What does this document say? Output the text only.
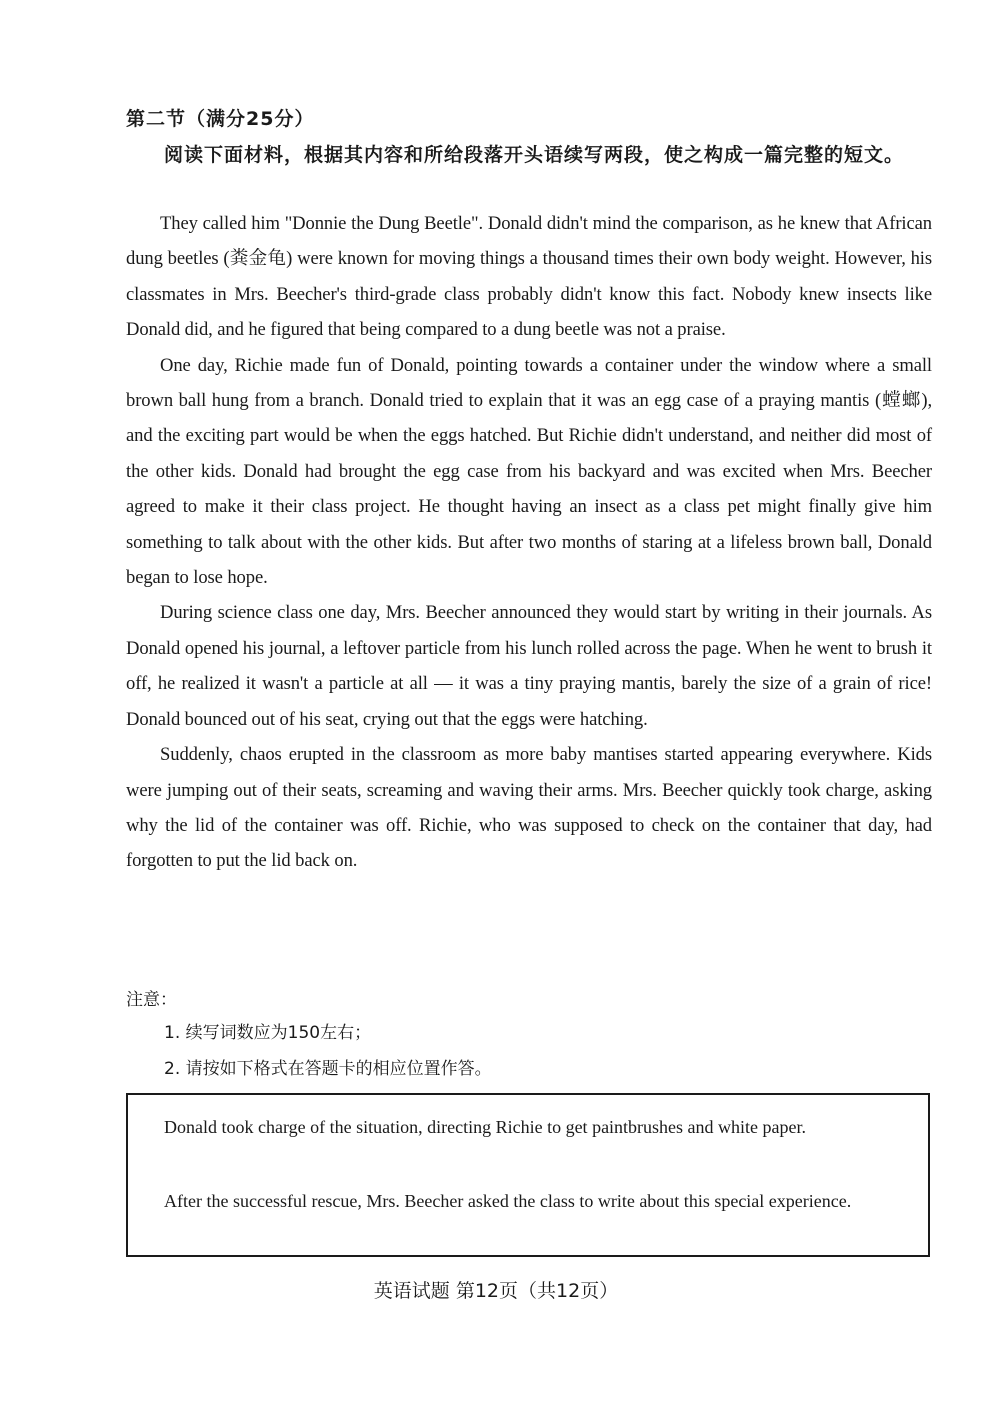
第二节（满分25分）
阅读下面材料，根据其内容和所给段落开头语续写两段，使之构成一篇完整的短文。

They called him "Donnie the Dung Beetle". Donald didn't mind the comparison, as he knew that African dung beetles (粪金龟) were known for moving things a thousand times their own body weight. However, his classmates in Mrs. Beecher's third-grade class probably didn't know this fact. Nobody knew insects like Donald did, and he figured that being compared to a dung beetle was not a praise.

One day, Richie made fun of Donald, pointing towards a container under the window where a small brown ball hung from a branch. Donald tried to explain that it was an egg case of a praying mantis (螳螂), and the exciting part would be when the eggs hatched. But Richie didn't understand, and neither did most of the other kids. Donald had brought the egg case from his backyard and was excited when Mrs. Beecher agreed to make it their class project. He thought having an insect as a class pet might finally give him something to talk about with the other kids. But after two months of staring at a lifeless brown ball, Donald began to lose hope.

During science class one day, Mrs. Beecher announced they would start by writing in their journals. As Donald opened his journal, a leftover particle from his lunch rolled across the page. When he went to brush it off, he realized it wasn't a particle at all — it was a tiny praying mantis, barely the size of a grain of rice! Donald bounced out of his seat, crying out that the eggs were hatching.

Suddenly, chaos erupted in the classroom as more baby mantises started appearing everywhere. Kids were jumping out of their seats, screaming and waving their arms. Mrs. Beecher quickly took charge, asking why the lid of the container was off. Richie, who was supposed to check on the container that day, had forgotten to put the lid back on.

注意：
1. 续写词数应为150左右；
2. 请按如下格式在答题卡的相应位置作答。
Donald took charge of the situation, directing Richie to get paintbrushes and white paper.
After the successful rescue, Mrs. Beecher asked the class to write about this special experience.
英语试题 第12页（共12页）
